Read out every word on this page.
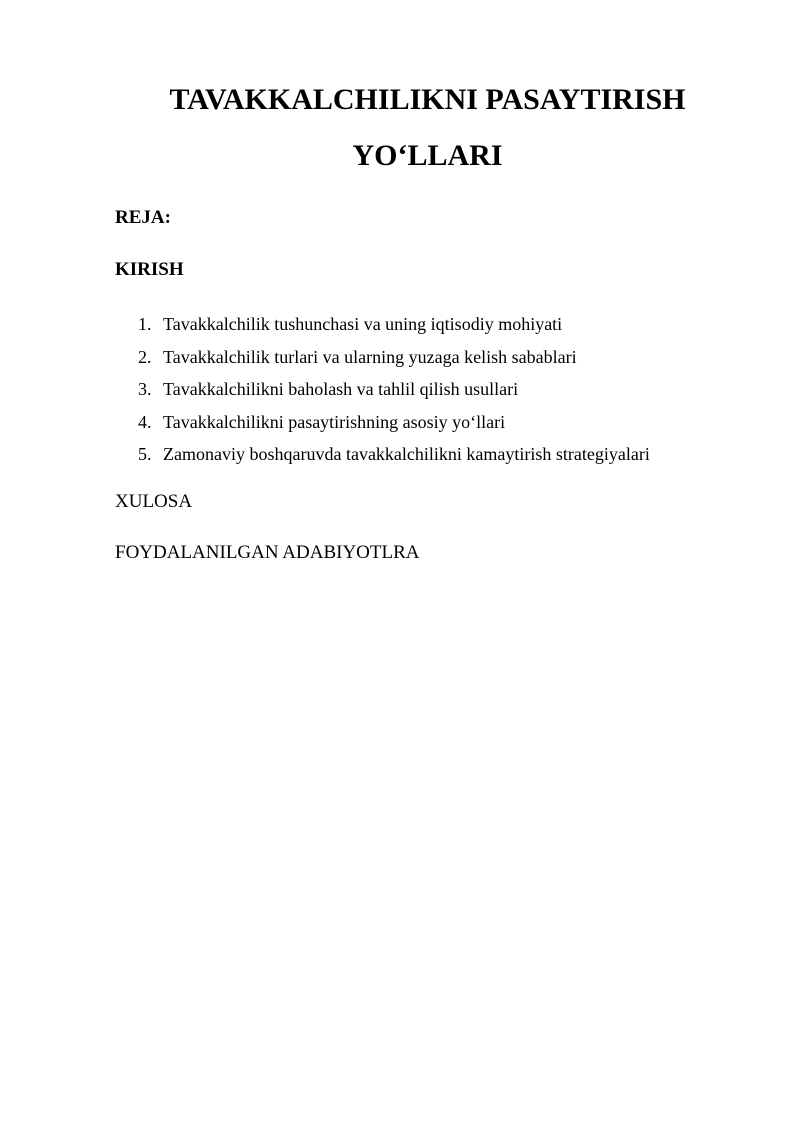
TAVAKKALCHILIKNI PASAYTIRISH

YO‘LLARI

REJA:

KIRISH

1. Tavakkalchilik tushunchasi va uning iqtisodiy mohiyati
2. Tavakkalchilik turlari va ularning yuzaga kelish sabablari
3. Tavakkalchilikni baholash va tahlil qilish usullari
4. Tavakkalchilikni pasaytirishning asosiy yo‘llari
5. Zamonaviy boshqaruvda tavakkalchilikni kamaytirish strategiyalari

XULOSA

FOYDALANILGAN ADABIYOTLRA
